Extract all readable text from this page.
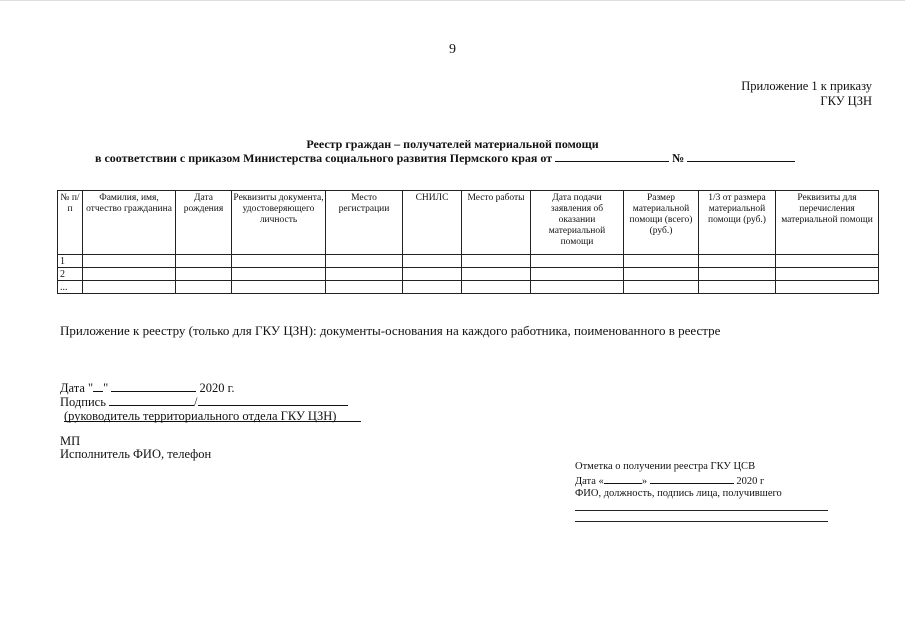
9
Приложение 1 к приказу
ГКУ ЦЗН
Реестр граждан – получателей материальной помощи
в соответствии с приказом Министерства социального развития Пермского края от	№
№ п/п	Фамилия, имя, отчество гражданина	Дата рождения	Реквизиты документа, удостоверяющего личность	Место регистрации	СНИЛС	Место работы	Дата подачи заявления об оказании материальной помощи	Размер материальной помощи (всего) (руб.)	1/3 от размера материальной помощи (руб.)	Реквизиты для перечисления материальной помощи
1										
2										
...										
Приложение к реестру (только для ГКУ ЦЗН): документы-основания на каждого работника, поименованного в реестре
Дата " "	2020 г.
Подпись	/
(руководитель территориального отдела ГКУ ЦЗН)
МП
Исполнитель ФИО, телефон
Отметка о получении реестра ГКУ ЦСВ
Дата «	»	2020 г
ФИО, должность, подпись лица, получившего
